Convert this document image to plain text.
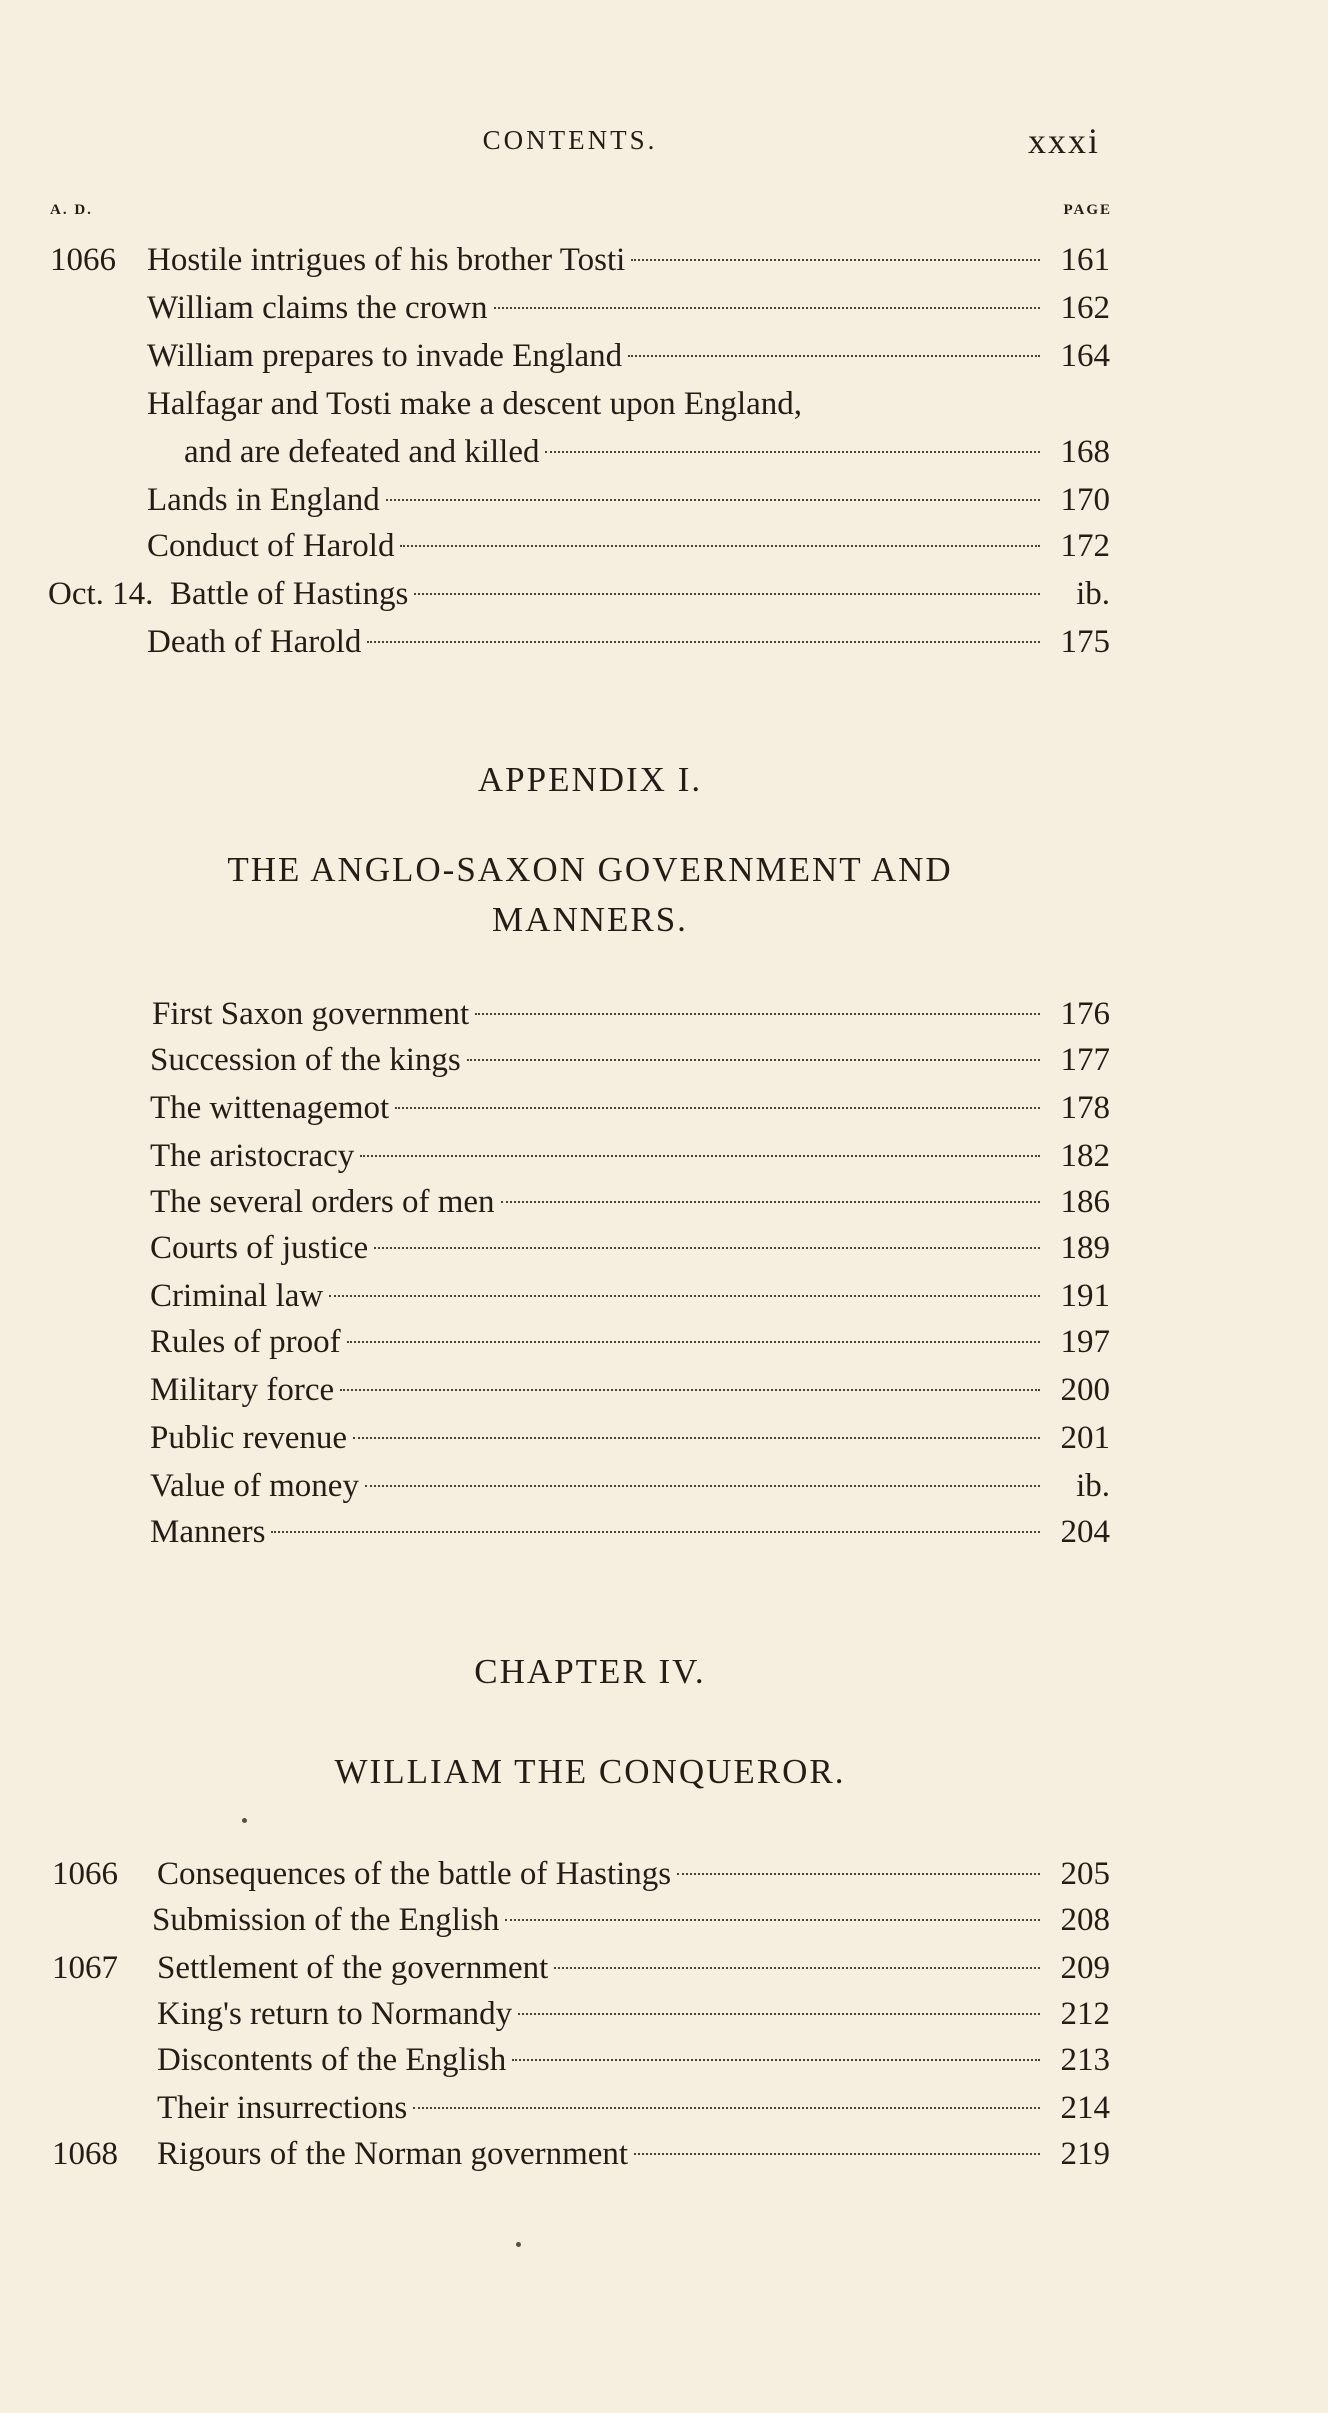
CONTENTS.	xxxi
A. D.	PAGE
1066 Hostile intrigues of his brother Tosti	161
William claims the crown	162
William prepares to invade England	164
Halfagar and Tosti make a descent upon England,
and are defeated and killed	168
Lands in England	170
Conduct of Harold	172
Oct. 14. Battle of Hastings	ib.
Death of Harold	175
APPENDIX I.
THE ANGLO-SAXON GOVERNMENT AND
MANNERS.
First Saxon government	176
Succession of the kings	177
The wittenagemot	178
The aristocracy	182
The several orders of men	186
Courts of justice	189
Criminal law	191
Rules of proof	197
Military force	200
Public revenue	201
Value of money	ib.
Manners	204
CHAPTER IV.
WILLIAM THE CONQUEROR.
1066 Consequences of the battle of Hastings	205
Submission of the English	208
1067 Settlement of the government	209
King's return to Normandy	212
Discontents of the English	213
Their insurrections	214
1068 Rigours of the Norman government	219
